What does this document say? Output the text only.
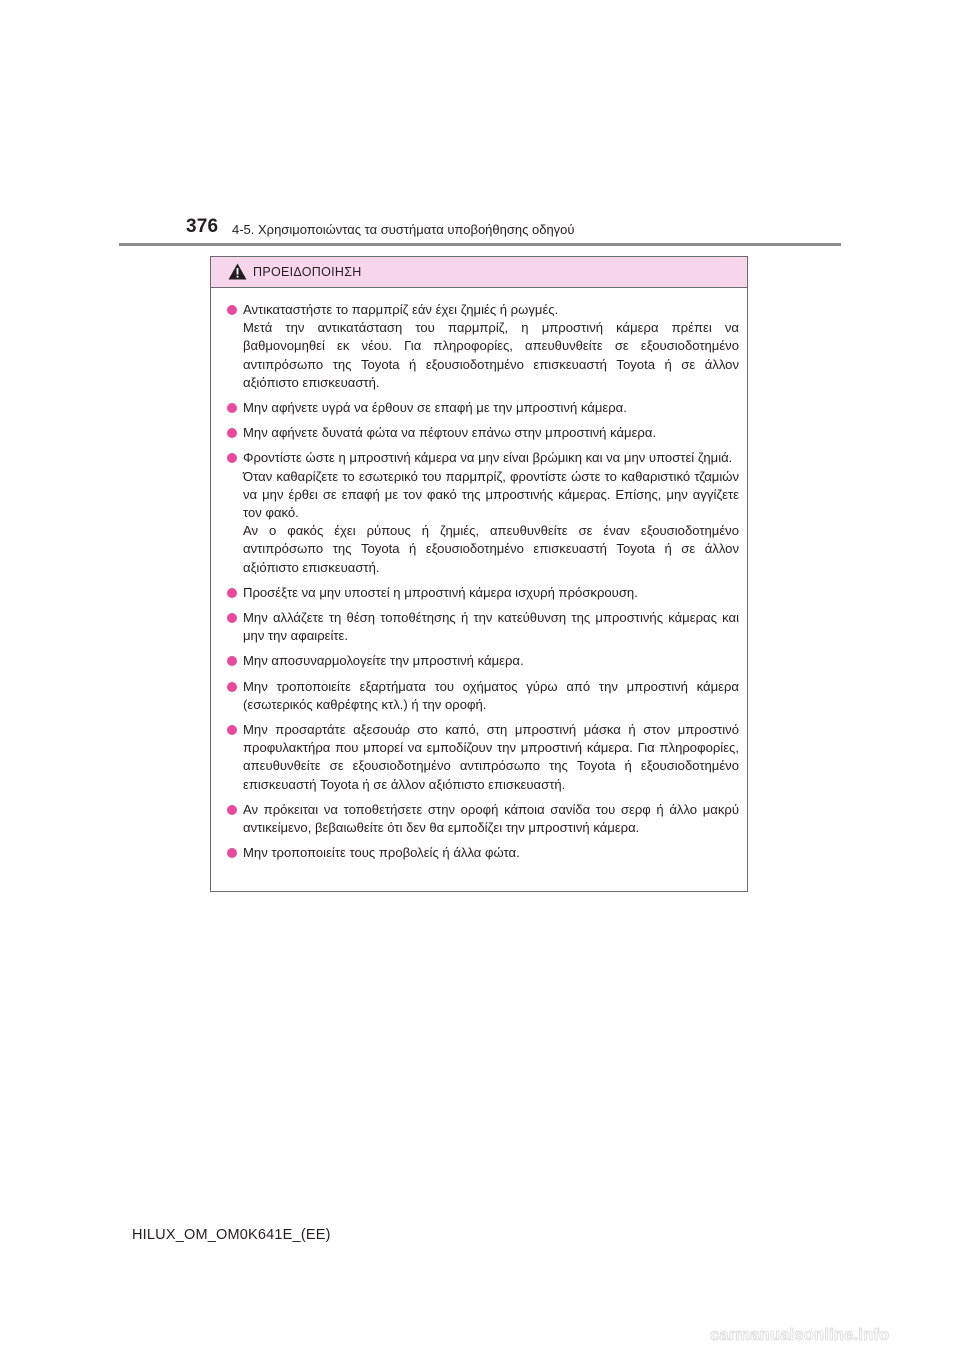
376 4-5. Χρησιμοποιώντας τα συστήματα υποβοήθησης οδηγού
ΠΡΟΕΙΔΟΠΟΙΗΣΗ
Αντικαταστήστε το παρμπρίζ εάν έχει ζημιές ή ρωγμές.
Μετά την αντικατάσταση του παρμπρίζ, η μπροστινή κάμερα πρέπει να βαθμονομηθεί εκ νέου. Για πληροφορίες, απευθυνθείτε σε εξουσιοδοτημένο αντιπρόσωπο της Toyota ή εξουσιοδοτημένο επισκευαστή Toyota ή σε άλλον αξιόπιστο επισκευαστή.
Μην αφήνετε υγρά να έρθουν σε επαφή με την μπροστινή κάμερα.
Μην αφήνετε δυνατά φώτα να πέφτουν επάνω στην μπροστινή κάμερα.
Φροντίστε ώστε η μπροστινή κάμερα να μην είναι βρώμικη και να μην υποστεί ζημιά.
Όταν καθαρίζετε το εσωτερικό του παρμπρίζ, φροντίστε ώστε το καθαριστικό τζαμιών να μην έρθει σε επαφή με τον φακό της μπροστινής κάμερας. Επίσης, μην αγγίζετε τον φακό.
Αν ο φακός έχει ρύπους ή ζημιές, απευθυνθείτε σε έναν εξουσιοδοτημένο αντιπρόσωπο της Toyota ή εξουσιοδοτημένο επισκευαστή Toyota ή σε άλλον αξιόπιστο επισκευαστή.
Προσέξτε να μην υποστεί η μπροστινή κάμερα ισχυρή πρόσκρουση.
Μην αλλάζετε τη θέση τοποθέτησης ή την κατεύθυνση της μπροστινής κάμερας και μην την αφαιρείτε.
Μην αποσυναρμολογείτε την μπροστινή κάμερα.
Μην τροποποιείτε εξαρτήματα του οχήματος γύρω από την μπροστινή κάμερα (εσωτερικός καθρέφτης κτλ.) ή την οροφή.
Μην προσαρτάτε αξεσουάρ στο καπό, στη μπροστινή μάσκα ή στον μπροστινό προφυλακτήρα που μπορεί να εμποδίζουν την μπροστινή κάμερα. Για πληροφορίες, απευθυνθείτε σε εξουσιοδοτημένο αντιπρόσωπο της Toyota ή εξουσιοδοτημένο επισκευαστή Toyota ή σε άλλον αξιόπιστο επισκευαστή.
Αν πρόκειται να τοποθετήσετε στην οροφή κάποια σανίδα του σερφ ή άλλο μακρύ αντικείμενο, βεβαιωθείτε ότι δεν θα εμποδίζει την μπροστινή κάμερα.
Μην τροποποιείτε τους προβολείς ή άλλα φώτα.
HILUX_OM_OM0K641E_(EE)
carmanualsonline.info
